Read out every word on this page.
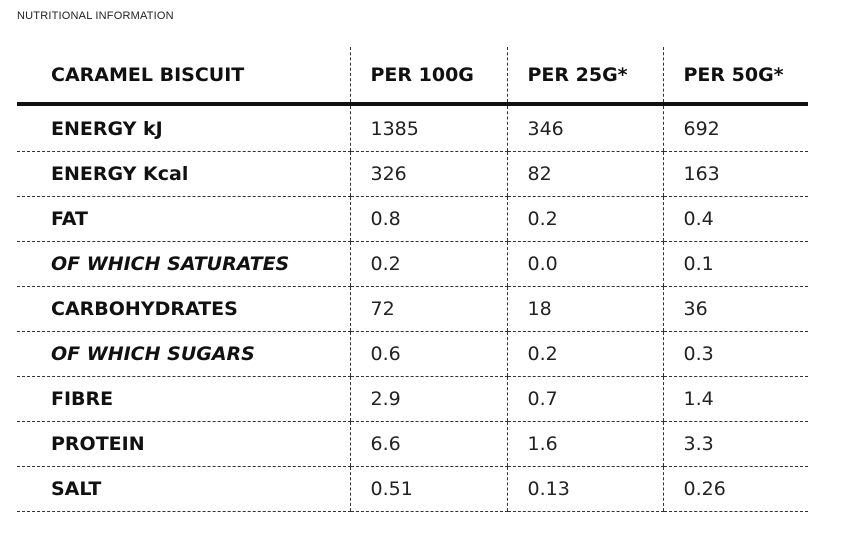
NUTRITIONAL INFORMATION
CARAMEL BISCUIT	PER 100G	PER 25G*	PER 50G*
ENERGY kJ	1385	346	692
ENERGY Kcal	326	82	163
FAT	0.8	0.2	0.4
OF WHICH SATURATES	0.2	0.0	0.1
CARBOHYDRATES	72	18	36
OF WHICH SUGARS	0.6	0.2	0.3
FIBRE	2.9	0.7	1.4
PROTEIN	6.6	1.6	3.3
SALT	0.51	0.13	0.26
